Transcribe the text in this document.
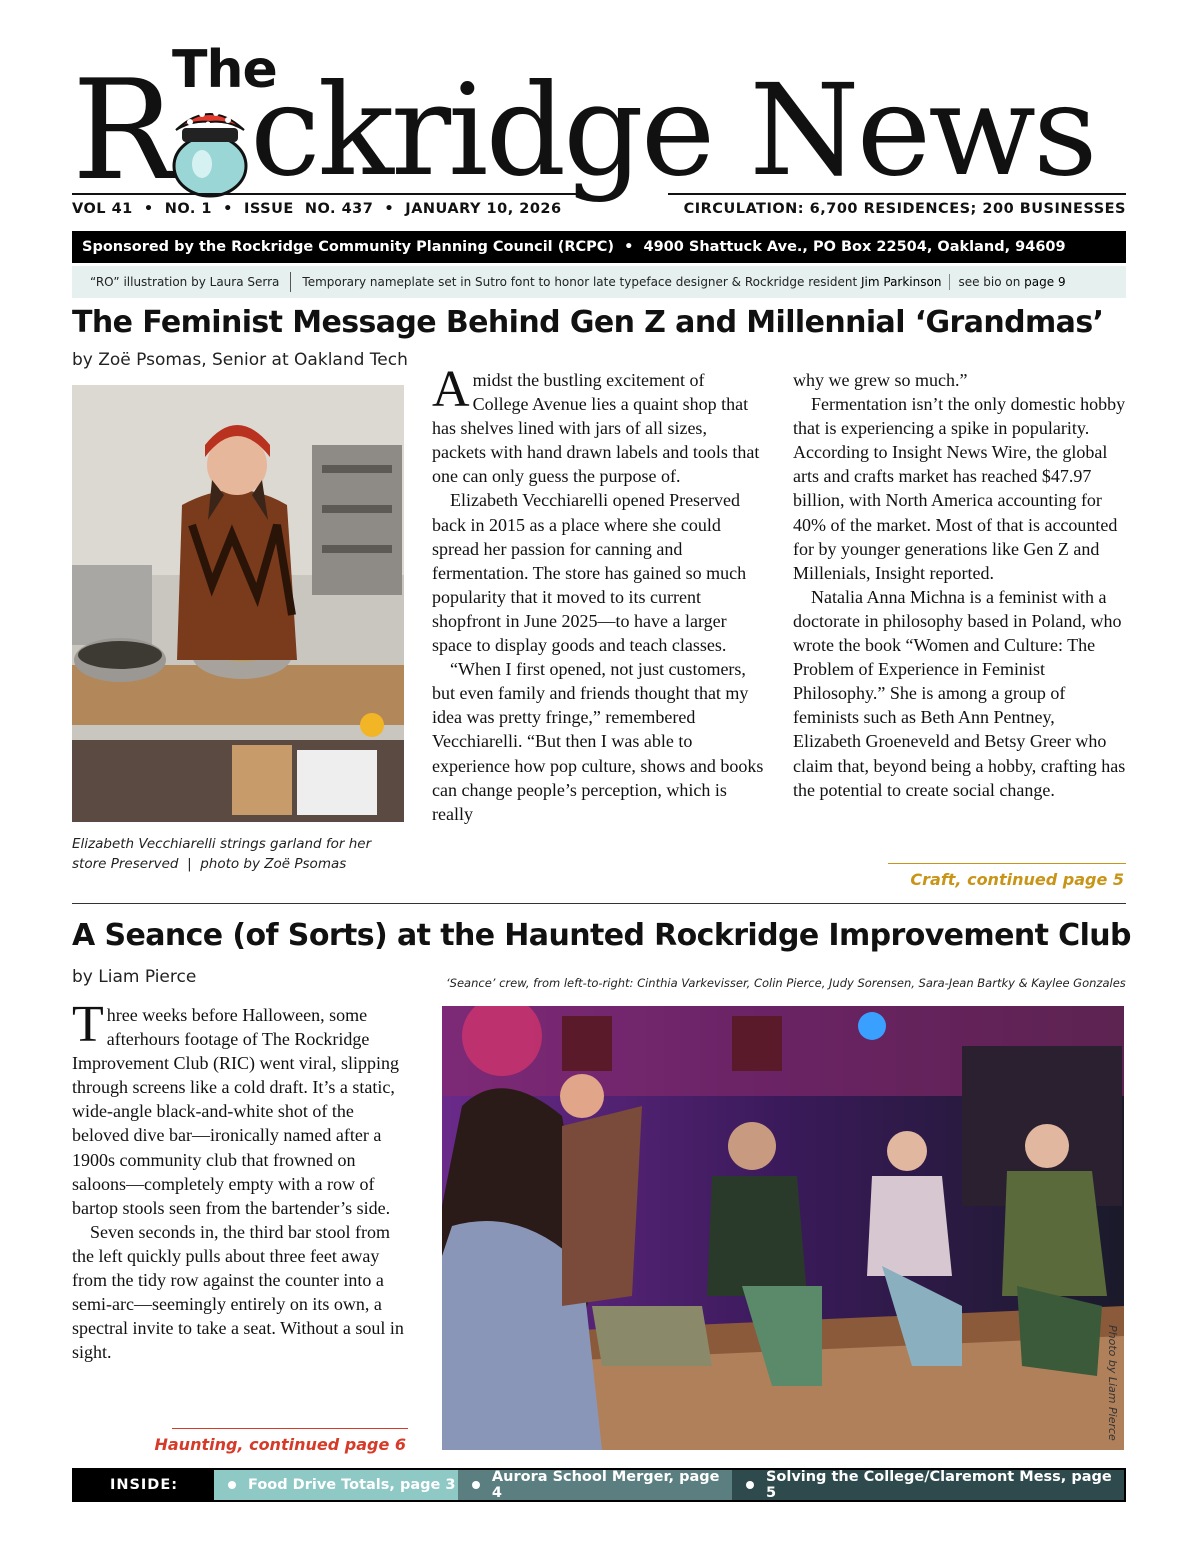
The
R ckridge News
VOL 41  •  NO. 1  •  ISSUE  NO. 437  •  JANUARY 10, 2026	CIRCULATION: 6,700 RESIDENCES; 200 BUSINESSES
Sponsored by the Rockridge Community Planning Council (RCPC)  •  4900 Shattuck Ave., PO Box 22504, Oakland, 94609
“RO” illustration by Laura Serra Temporary nameplate set in Sutro font to honor late typeface designer & Rockridge resident Jim Parkinson see bio on page 9
The Feminist Message Behind Gen Z and Millennial ‘Grandmas’
by Zoë Psomas, Senior at Oakland Tech
Elizabeth Vecchiarelli strings garland for her
store Preserved  |  photo by Zoë Psomas

Amidst the bustling excitement of College Avenue lies a quaint shop that has shelves lined with jars of all sizes, packets with hand drawn labels and tools that one can only guess the purpose of.

Elizabeth Vecchiarelli opened Preserved back in 2015 as a place where she could spread her passion for canning and fermentation. The store has gained so much popularity that it moved to its current shopfront in June 2025—to have a larger space to display goods and teach classes.

“When I first opened, not just customers, but even family and friends thought that my idea was pretty fringe,” remembered Vecchiarelli. “But then I was able to experience how pop culture, shows and books can change people’s perception, which is really

why we grew so much.”

Fermentation isn’t the only domestic hobby that is experiencing a spike in popularity. According to Insight News Wire, the global arts and crafts market has reached $47.97 billion, with North America accounting for 40% of the market. Most of that is accounted for by younger generations like Gen Z and Millenials, Insight reported.

Natalia Anna Michna is a feminist with a doctorate in philosophy based in Poland, who wrote the book “Women and Culture: The Problem of Experience in Feminist Philosophy.” She is among a group of feminists such as Beth Ann Pentney, Elizabeth Groeneveld and Betsy Greer who claim that, beyond being a hobby, crafting has the potential to create social change.

Craft, continued page 5
A Seance (of Sorts) at the Haunted Rockridge Improvement Club
by Liam Pierce	‘Seance’ crew, from left-to-right: Cinthia Varkevisser, Colin Pierce, Judy Sorensen, Sara-Jean Bartky & Kaylee Gonzales

Three weeks before Halloween, some afterhours footage of The Rockridge Improvement Club (RIC) went viral, slipping through screens like a cold draft. It’s a static, wide-angle black-and-white shot of the beloved dive bar—ironically named after a 1900s community club that frowned on saloons—completely empty with a row of bartop stools seen from the bartender’s side.

Seven seconds in, the third bar stool from the left quickly pulls about three feet away from the tidy row against the counter into a semi-arc—seemingly entirely on its own, a spectral invite to take a seat. Without a soul in sight.

Haunting, continued page 6
Photo by Liam Pierce
INSIDE:	Food Drive Totals, page 3	Aurora School Merger, page 4
Solving the College/Claremont Mess, page 5
